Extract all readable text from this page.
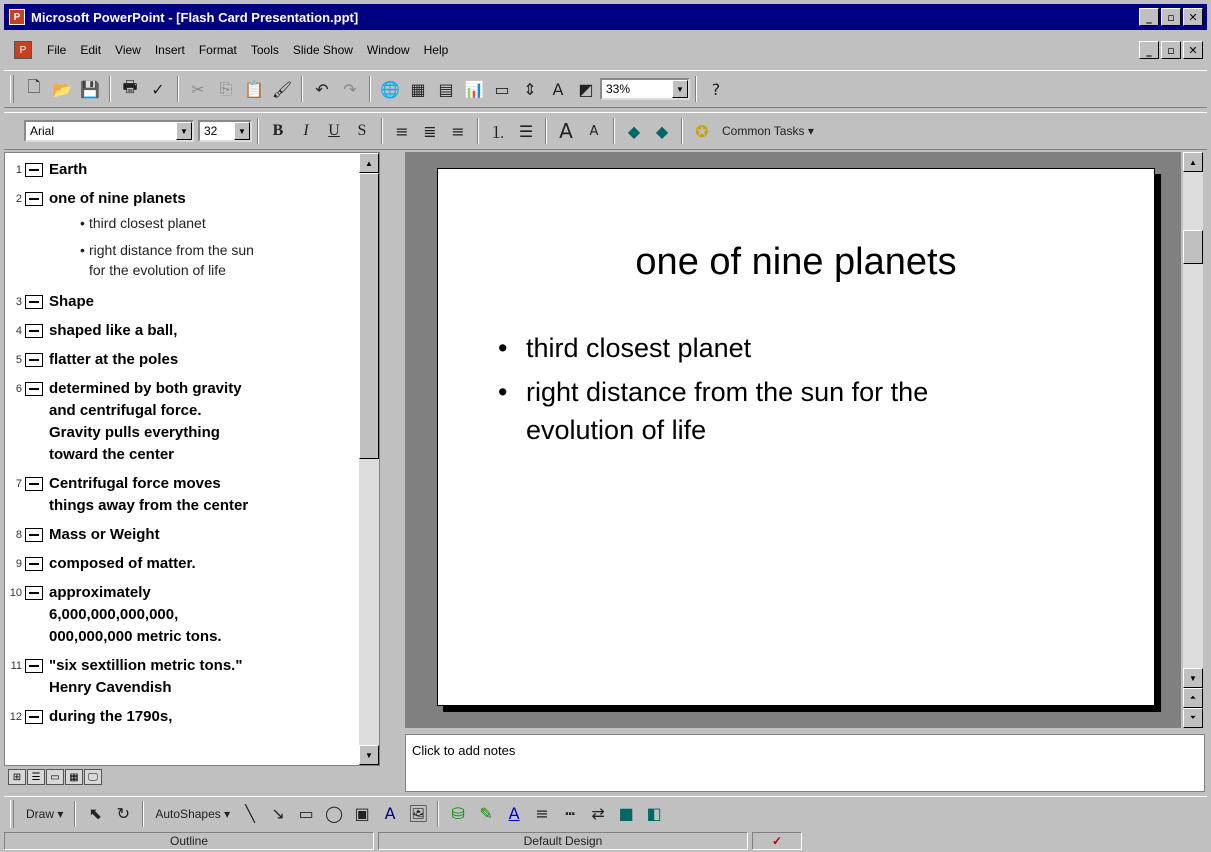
P Microsoft PowerPoint - [Flash Card Presentation.ppt]	_	▫	✕
P	File	Edit	View	Insert	Format	Tools	Slide Show	Window	Help	_	▫	✕
🗋 📂 💾	🖶 ✓	✂ ⎘ 📋 🖌	↶ ↷	🌐 ▦ ▤ 📊 ▭ ⇕ A ◩	33%	▼	?
Arial	▼	32	▼	B	I	U	S	≡ ≣ ≡	⒈ ☰	A	A	◆ ◆	✪	Common Tasks ▾
1 Earth
2 one of nine planets
• third closest planet
• right distance from the sun
for the evolution of life
3 Shape
4 shaped like a ball,
5 flatter at the poles
6 determined by both gravity
and centrifugal force.
Gravity pulls everything
toward the center
7 Centrifugal force moves
things away from the center
8 Mass or Weight
9 composed of matter.
10 approximately
6,000,000,000,000,
000,000,000 metric tons.
11 "six sextillion metric tons."
Henry Cavendish
12 during the 1790s,
▲
▼
⊞	☰ ▭ ▦ 🖵
one of nine planets
• third closest planet
• right distance from the sun for the
evolution of life
▲
▼
⏶
⏷
Click to add notes
Draw ▾	⬉ ↻	AutoShapes ▾ ╲	↘ ▭ ◯ ▣ A 🖼	⛁ ✎ A ≡	┅	⇄ ■ ◧
Outline	Default Design	✓
